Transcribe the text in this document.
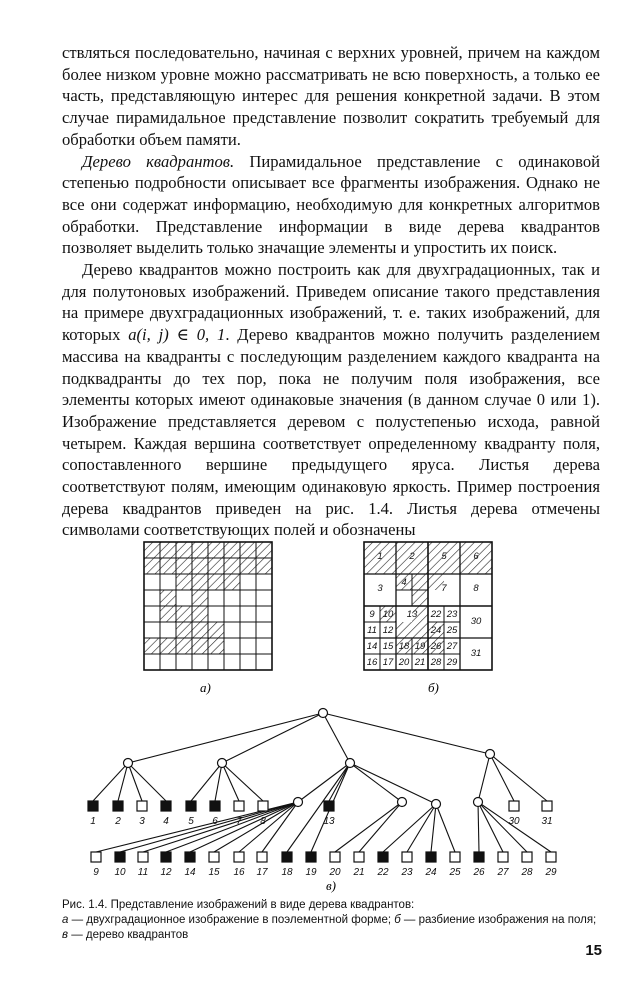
ствляться последовательно, начиная с верхних уровней, причем на каждом более низком уровне можно рассматривать не всю поверхность, а только ее часть, представляющую интерес для решения конкретной задачи. В этом случае пирамидальное представление позволит сократить требуемый для обработки объем памяти.

Дерево квадрантов. Пирамидальное представление с одинаковой степенью подробности описывает все фрагменты изображения. Однако не все они содержат информацию, необходимую для конкретных алгоритмов обработки. Представление информации в виде дерева квадрантов позволяет выделить только значащие элементы и упростить их поиск.

Дерево квадрантов можно построить как для двухградационных, так и для полутоновых изображений. Приведем описание такого представления на примере двухградационных изображений, т. е. таких изображений, для которых a(i, j) ∈ 0, 1. Дерево квадрантов можно получить разделением массива на квадранты с последующим разделением каждого квадранта на подквадранты до тех пор, пока не получим поля изображения, все элементы которых имеют одинаковые значения (в данном случае 0 или 1). Изображение представляется деревом с полустепенью исхода, равной четырем. Каждая вершина соответствует определенному квадранту поля, сопоставленного вершине предыдущего яруса. Листья дерева соответствуют полям, имеющим одинаковую яркость. Пример построения дерева квадрантов приведен на рис. 1.4. Листья дерева отмечены символами соответствующих полей и обозначены

а)
1	2	5	6
3
4
7	8
9 10 13 22 23
30
11 12	24 25
14 15 18 19 26 27
31
16 17 20 21 28 29
б)
1 2 3 4 5 6 7 8	13	30 31
9 10 11 12 14 15 16 17 18 19 20 21 22 23 24 25 26 27 28 29
в)
Рис. 1.4. Представление изображений в виде дерева квадрантов:
а — двухградационное изображение в поэлементной форме; б — разбиение изображения на поля; в — дерево квадрантов
15
